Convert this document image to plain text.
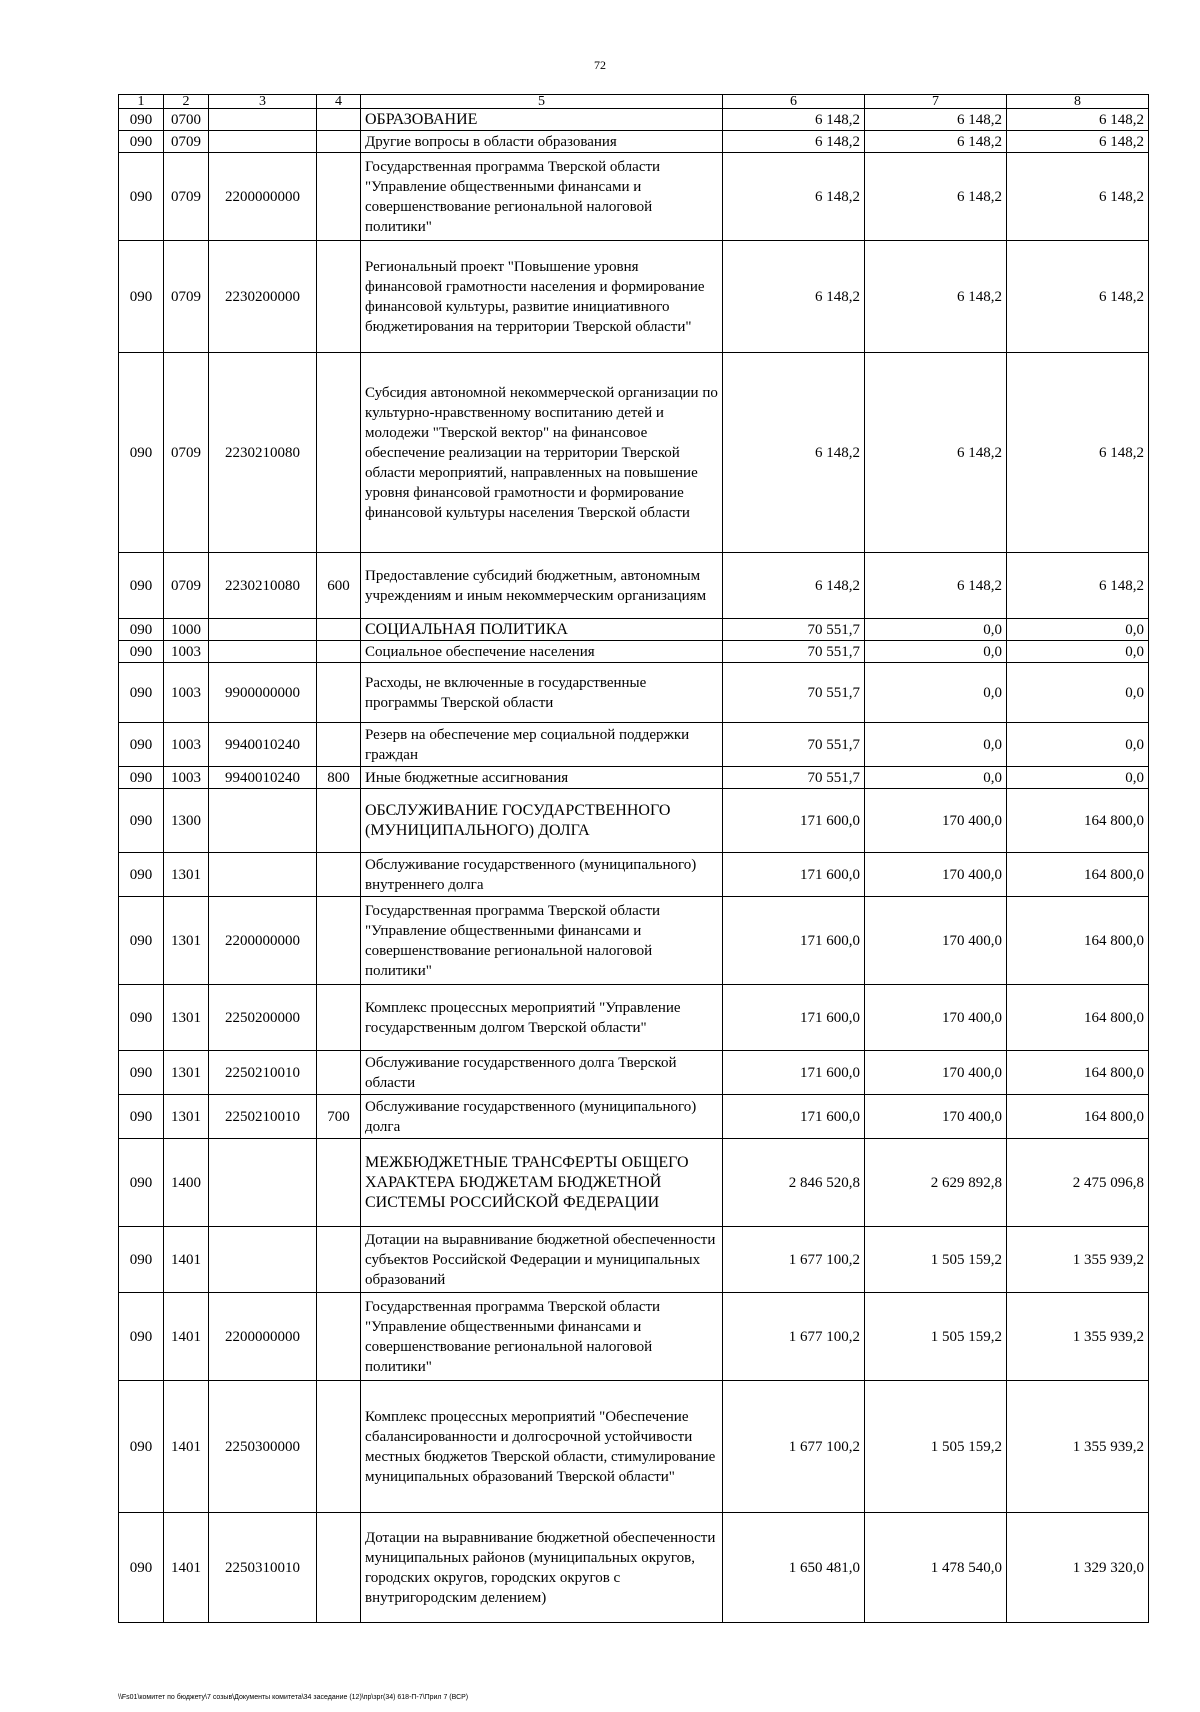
72
1	2	3	4	5	6	7	8
090	0700			ОБРАЗОВАНИЕ	6 148,2	6 148,2	6 148,2
090	0709			Другие вопросы в области образования	6 148,2	6 148,2	6 148,2
090	0709	2200000000		Государственная программа Тверской области "Управление общественными финансами и совершенствование региональной налоговой политики"	6 148,2	6 148,2	6 148,2
090	0709	2230200000		Региональный проект "Повышение уровня финансовой грамотности населения и формирование финансовой культуры, развитие инициативного бюджетирования на территории Тверской области"	6 148,2	6 148,2	6 148,2
090	0709	2230210080		Субсидия автономной некоммерческой организации по культурно-нравственному воспитанию детей и молодежи "Тверской вектор" на финансовое обеспечение реализации на территории Тверской области мероприятий, направленных на повышение уровня финансовой грамотности и формирование финансовой культуры населения Тверской области	6 148,2	6 148,2	6 148,2
090	0709	2230210080	600	Предоставление субсидий бюджетным, автономным учреждениям и иным некоммерческим организациям	6 148,2	6 148,2	6 148,2
090	1000			СОЦИАЛЬНАЯ ПОЛИТИКА	70 551,7	0,0	0,0
090	1003			Социальное обеспечение населения	70 551,7	0,0	0,0
090	1003	9900000000		Расходы, не включенные в государственные программы Тверской области	70 551,7	0,0	0,0
090	1003	9940010240		Резерв на обеспечение мер социальной поддержки граждан	70 551,7	0,0	0,0
090	1003	9940010240	800	Иные бюджетные ассигнования	70 551,7	0,0	0,0
090	1300			ОБСЛУЖИВАНИЕ ГОСУДАРСТВЕННОГО (МУНИЦИПАЛЬНОГО) ДОЛГА	171 600,0	170 400,0	164 800,0
090	1301			Обслуживание государственного (муниципального) внутреннего долга	171 600,0	170 400,0	164 800,0
090	1301	2200000000		Государственная программа Тверской области "Управление общественными финансами и совершенствование региональной налоговой политики"	171 600,0	170 400,0	164 800,0
090	1301	2250200000		Комплекс процессных мероприятий "Управление государственным долгом Тверской области"	171 600,0	170 400,0	164 800,0
090	1301	2250210010		Обслуживание государственного долга Тверской области	171 600,0	170 400,0	164 800,0
090	1301	2250210010	700	Обслуживание государственного (муниципального) долга	171 600,0	170 400,0	164 800,0
090	1400			МЕЖБЮДЖЕТНЫЕ ТРАНСФЕРТЫ ОБЩЕГО ХАРАКТЕРА БЮДЖЕТАМ БЮДЖЕТНОЙ СИСТЕМЫ РОССИЙСКОЙ ФЕДЕРАЦИИ	2 846 520,8	2 629 892,8	2 475 096,8
090	1401			Дотации на выравнивание бюджетной обеспеченности субъектов Российской Федерации и муниципальных образований	1 677 100,2	1 505 159,2	1 355 939,2
090	1401	2200000000		Государственная программа Тверской области "Управление общественными финансами и совершенствование региональной налоговой политики"	1 677 100,2	1 505 159,2	1 355 939,2
090	1401	2250300000		Комплекс процессных мероприятий "Обеспечение сбалансированности и долгосрочной устойчивости местных бюджетов Тверской области, стимулирование муниципальных образований Тверской области"	1 677 100,2	1 505 159,2	1 355 939,2
090	1401	2250310010		Дотации на выравнивание бюджетной обеспеченности муниципальных районов (муниципальных округов, городских округов, городских округов с внутригородским делением)	1 650 481,0	1 478 540,0	1 329 320,0
\\Fs01\комитет по бюджету\7 созыв\Документы комитета\34 заседание (12)\пр\зрг(34) 618-П-7\Прил 7 (ВСР)
